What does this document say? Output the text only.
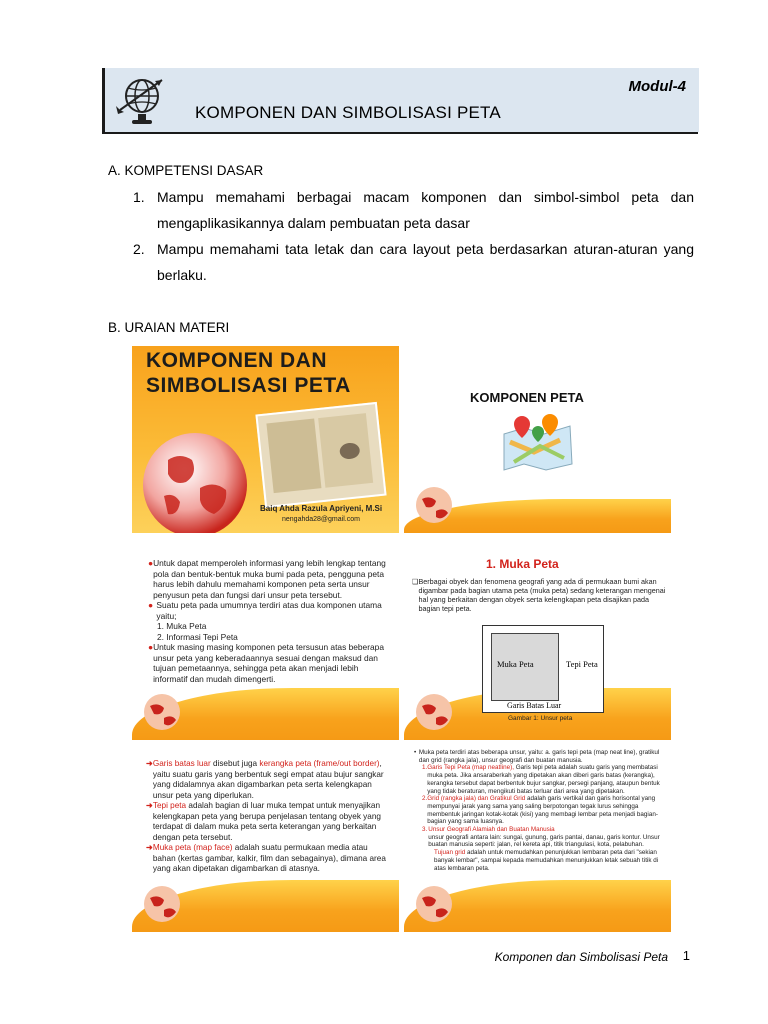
Modul-4
KOMPONEN DAN SIMBOLISASI PETA
A. KOMPETENSI DASAR
1. Mampu memahami berbagai macam komponen dan simbol-simbol peta dan mengaplikasikannya dalam pembuatan peta dasar
2. Mampu memahami tata letak dan cara layout peta berdasarkan aturan-aturan yang berlaku.
B. URAIAN MATERI
KOMPONEN DAN
SIMBOLISASI PETA
Baiq Ahda Razula Apriyeni, M.Si
nengahda28@gmail.com
KOMPONEN PETA
● Untuk dapat memperoleh informasi yang lebih lengkap tentang pola dan bentuk-bentuk muka bumi pada peta, pengguna peta harus lebih dahulu memahami komponen peta serta unsur penyusun peta dan fungsi dari unsur peta tersebut.
● Suatu peta pada umumnya terdiri atas dua komponen utama yaitu;
1. Muka Peta
2. Informasi Tepi Peta
● Untuk masing masing komponen peta tersusun atas beberapa unsur peta yang keberadaannya sesuai dengan maksud dan tujuan pemetaannya, sehingga peta akan menjadi lebih informatif dan mudah dimengerti.
1. Muka Peta
❑ Berbagai obyek dan fenomena geografi yang ada di permukaan bumi akan digambar pada bagian utama peta (muka peta) sedang keterangan mengenai hal yang berkaitan dengan obyek serta kelengkapan peta disajikan pada bagian tepi peta.
Muka Peta	Tepi Peta
Garis Batas Luar
Gambar 1: Unsur peta
➜ Garis batas luar disebut juga kerangka peta (frame/out border), yaitu suatu garis yang berbentuk segi empat atau bujur sangkar yang didalamnya akan digambarkan peta serta kelengkapan unsur peta yang diperlukan.
➜ Tepi peta adalah bagian di luar muka tempat untuk menyajikan kelengkapan peta yang berupa penjelasan tentang obyek yang terdapat di dalam muka peta serta keterangan yang berkaitan dengan peta tersebut.
➜ Muka peta (map face) adalah suatu permukaan media atau bahan (kertas gambar, kalkir, film dan sebagainya), dimana area yang akan dipetakan digambarkan di atasnya.
• Muka peta terdiri atas beberapa unsur, yaitu: a. garis tepi peta (map neat line), gratikul dan grid (rangka jala), unsur geografi dan buatan manusia.
1. Garis Tepi Peta (map neatline), Garis tepi peta adalah suatu garis yang membatasi muka peta. Jika ansaraberkah yang dipetakan akan diberi garis batas (kerangka), kerangka tersebut dapat berbentuk bujur sangkar, persegi panjang, ataupun bentuk yang tidak beraturan, mengikuti batas terluar dari area yang dipetakan.
2. Grid (rangka jala) dan Gratikul Grid adalah garis vertikal dan garis horisontal yang mempunyai jarak yang sama yang saling berpotongan tegak lurus sehingga membentuk jaringan kotak-kotak (kisi) yang membagi lembar peta menjadi bagian-bagian yang sama luasnya.
3. Unsur Geografi Alamiah dan Buatan Manusia
unsur geografi antara lain: sungai, gunung, garis pantai, danau, garis kontur. Unsur buatan manusia seperti: jalan, rel kereta api, titik triangulasi, kota, pelabuhan.
Tujuan grid adalah untuk memudahkan penunjukkan lembaran peta dari "sekian banyak lembar", sampai kepada memudahkan menunjukkan letak sebuah titik di atas lembaran peta.
Komponen dan Simbolisasi Peta 1
